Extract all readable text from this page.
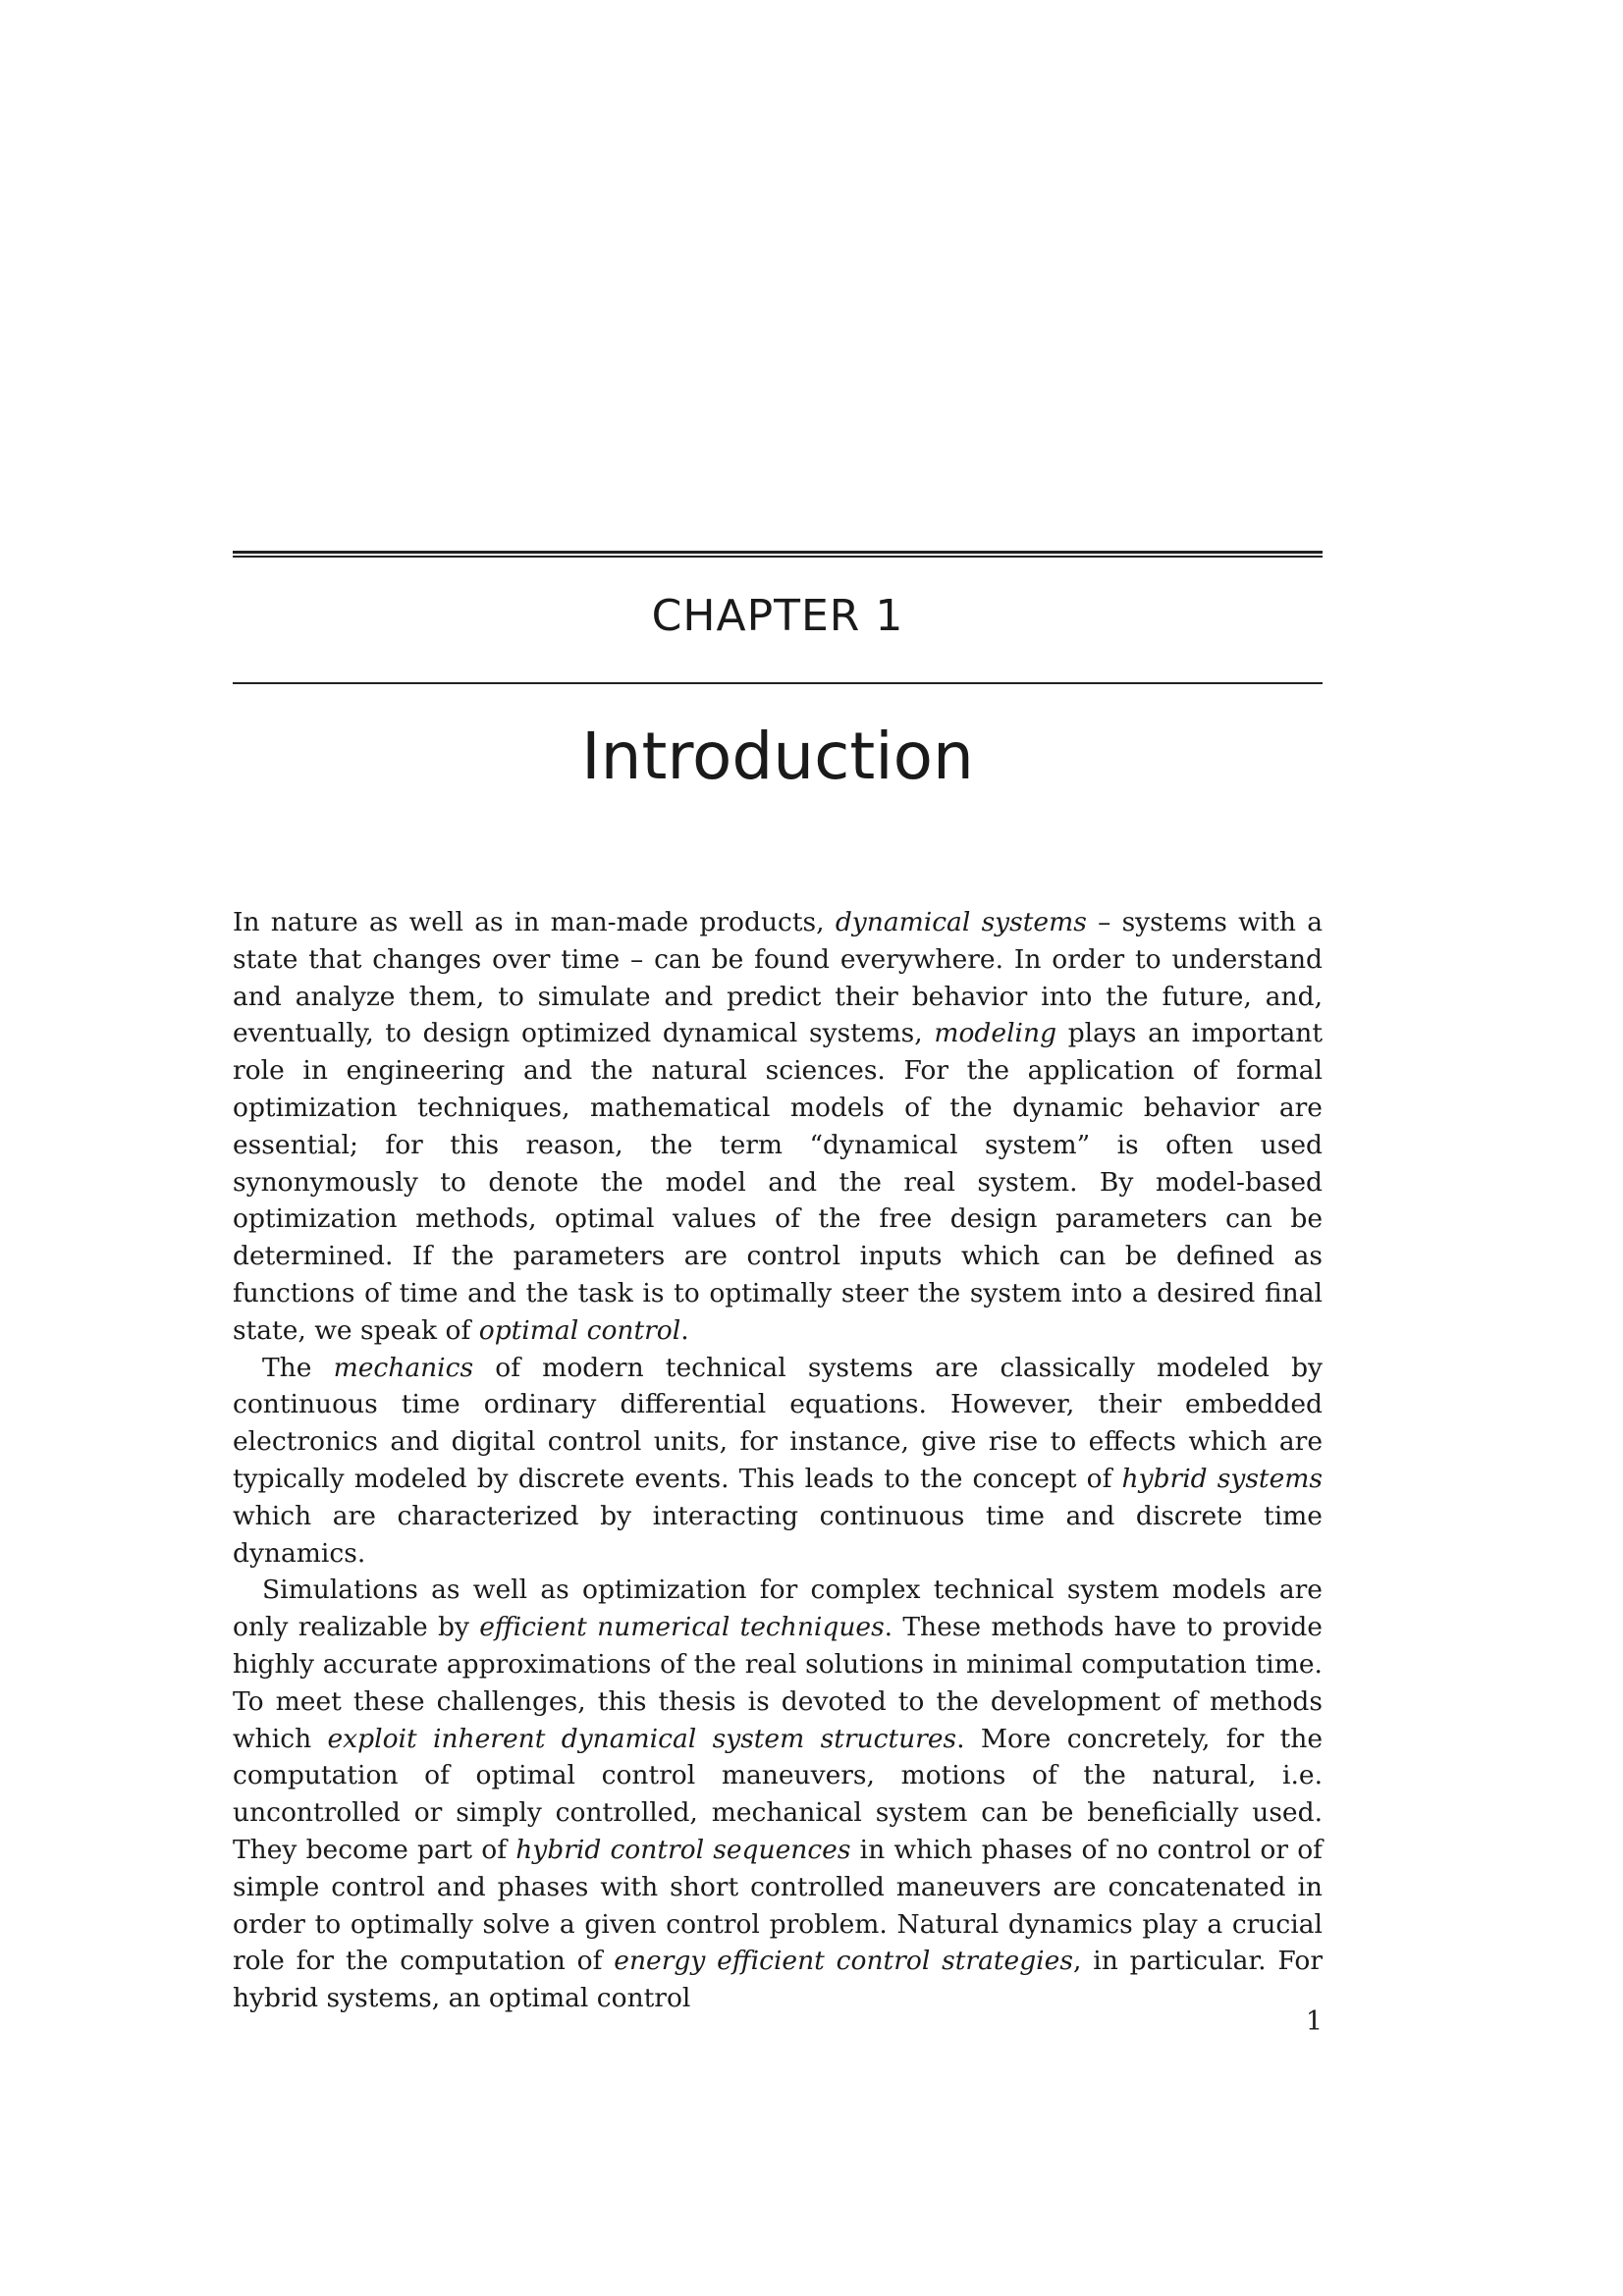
CHAPTER 1
Introduction

In nature as well as in man-made products, dynamical systems – systems with a state that changes over time – can be found everywhere. In order to understand and analyze them, to simulate and predict their behavior into the future, and, eventually, to design optimized dynamical systems, modeling plays an important role in engineering and the natural sciences. For the application of formal optimization techniques, mathematical models of the dynamic behavior are essential; for this reason, the term “dynamical system” is often used synonymously to denote the model and the real system. By model-based optimization methods, optimal values of the free design parameters can be determined. If the parameters are control inputs which can be defined as functions of time and the task is to optimally steer the system into a desired final state, we speak of optimal control.

The mechanics of modern technical systems are classically modeled by continuous time ordinary differential equations. However, their embedded electronics and digital control units, for instance, give rise to effects which are typically modeled by discrete events. This leads to the concept of hybrid systems which are characterized by interacting continuous time and discrete time dynamics.

Simulations as well as optimization for complex technical system models are only realizable by efficient numerical techniques. These methods have to provide highly accurate approximations of the real solutions in minimal computation time. To meet these challenges, this thesis is devoted to the development of methods which exploit inherent dynamical system structures. More concretely, for the computation of optimal control maneuvers, motions of the natural, i.e. uncontrolled or simply controlled, mechanical system can be beneficially used. They become part of hybrid control sequences in which phases of no control or of simple control and phases with short controlled maneuvers are concatenated in order to optimally solve a given control problem. Natural dynamics play a crucial role for the computation of energy efficient control strategies, in particular. For hybrid systems, an optimal control

1
